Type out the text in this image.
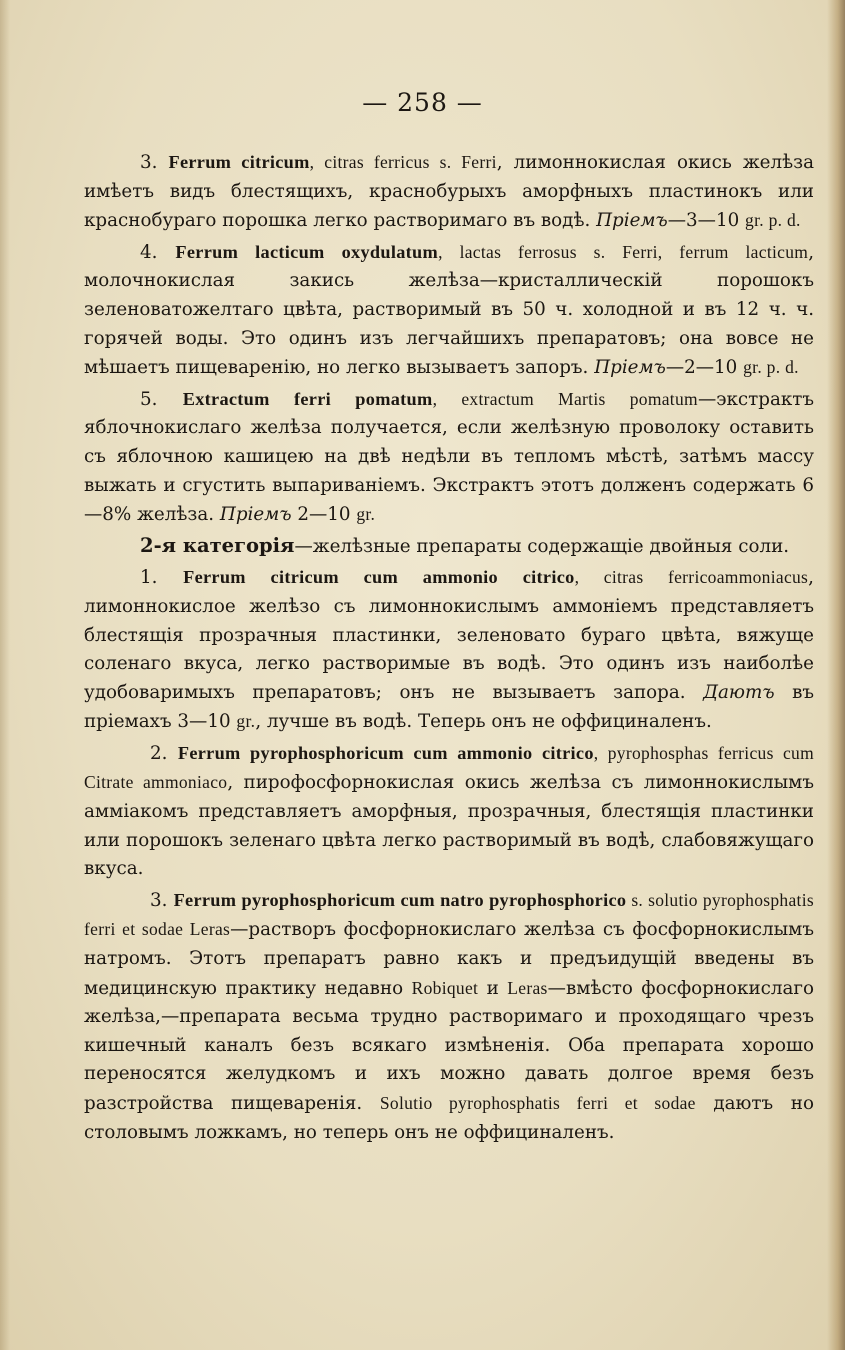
— 258 —

3. Ferrum citricum, citras ferricus s. Ferri, лимоннокислая окись желѣза имѣетъ видъ блестящихъ, краснобурыхъ аморфныхъ пластинокъ или краснобураго порошка легко растворимаго въ водѣ. Пріемъ—3—10 gr. p. d.

4. Ferrum lacticum oxydulatum, lactas ferrosus s. Ferri, ferrum lacticum, молочнокислая закись желѣза—кристаллическій порошокъ зеленоватожелтаго цвѣта, растворимый въ 50 ч. холодной и въ 12 ч. ч. горячей воды. Это одинъ изъ легчайшихъ препаратовъ; она вовсе не мѣшаетъ пищеваренію, но легко вызываетъ запоръ. Пріемъ—2—10 gr. p. d.

5. Extractum ferri pomatum, extractum Martis pomatum—экстрактъ яблочнокислаго желѣза получается, если желѣзную проволоку оставить съ яблочною кашицею на двѣ недѣли въ тепломъ мѣстѣ, затѣмъ массу выжать и сгустить выпариваніемъ. Экстрактъ этотъ долженъ содержать 6—8% желѣза. Пріемъ 2—10 gr.

2-я категорія—желѣзные препараты содержащіе двойныя соли.

1. Ferrum citricum cum ammonio citrico, citras ferricoammoniacus, лимоннокислое желѣзо съ лимоннокислымъ аммоніемъ представляетъ блестящія прозрачныя пластинки, зеленовато бураго цвѣта, вяжуще соленаго вкуса, легко растворимые въ водѣ. Это одинъ изъ наиболѣе удобоваримыхъ препаратовъ; онъ не вызываетъ запора. Даютъ въ пріемахъ 3—10 gr., лучше въ водѣ. Теперь онъ не оффициналенъ.

2. Ferrum pyrophosphoricum cum ammonio citrico, pyrophosphas ferricus cum Citrate ammoniaco, пирофосфорнокислая окись желѣза съ лимоннокислымъ амміакомъ представляетъ аморфныя, прозрачныя, блестящія пластинки или порошокъ зеленаго цвѣта легко растворимый въ водѣ, слабовяжущаго вкуса.

3. Ferrum pyrophosphoricum cum natro pyrophosphorico s. solutio pyrophosphatis ferri et sodae Leras—растворъ фосфорнокислаго желѣза съ фосфорнокислымъ натромъ. Этотъ препаратъ равно какъ и предъидущій введены въ медицинскую практику недавно Robiquet и Leras—вмѣсто фосфорнокислаго желѣза,—препарата весьма трудно растворимаго и проходящаго чрезъ кишечный каналъ безъ всякаго измѣненія. Оба препарата хорошо переносятся желудкомъ и ихъ можно давать долгое время безъ разстройства пищеваренія. Solutio pyrophosphatis ferri et sodae даютъ но столовымъ ложкамъ, но теперь онъ не оффициналенъ.
